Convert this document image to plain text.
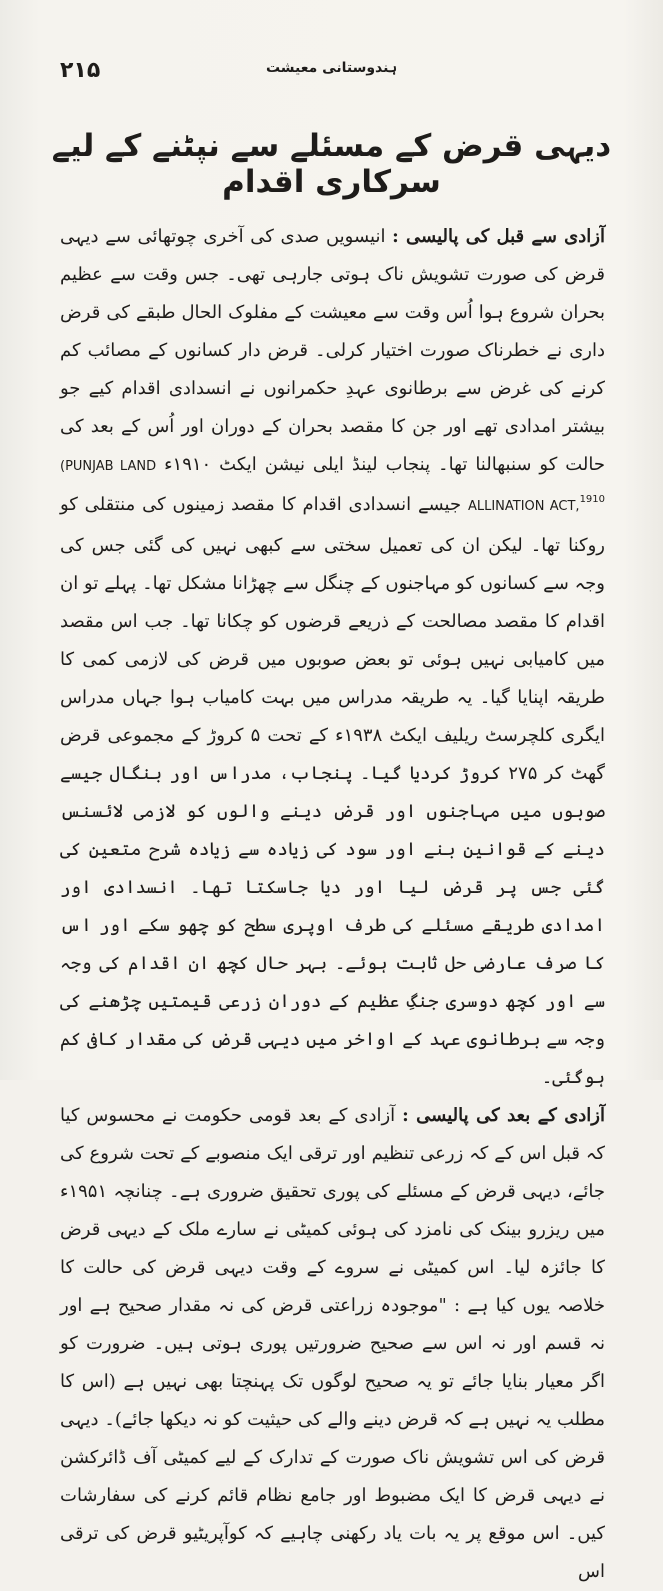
۲۱۵	ہندوستانی معیشت
دیہی قرض کے مسئلے سے نپٹنے کے لیے سرکاری اقدام

آزادی سے قبل کی پالیسی : انیسویں صدی کی آخری چوتھائی سے دیہی قرض کی صورت تشویش ناک ہوتی جارہی تھی۔ جس وقت سے عظیم بحران شروع ہوا اُس وقت سے معیشت کے مفلوک الحال طبقے کی قرض داری نے خطرناک صورت اختیار کرلی۔ قرض دار کسانوں کے مصائب کم کرنے کی غرض سے برطانوی عہدِ حکمرانوں نے انسدادی اقدام کیے جو بیشتر امدادی تھے اور جن کا مقصد بحران کے دوران اور اُس کے بعد کی حالت کو سنبھالنا تھا۔ پنجاب لینڈ ایلی نیشن ایکٹ ۱۹۱۰ء (PUNJAB LAND ALLINATION ACT,$^{1910}$ جیسے انسدادی اقدام کا مقصد زمینوں کی منتقلی کو روکنا تھا۔ لیکن ان کی تعمیل سختی سے کبھی نہیں کی گئی جس کی وجہ سے کسانوں کو مہاجنوں کے چنگل سے چھڑانا مشکل تھا۔ پہلے تو ان اقدام کا مقصد مصالحت کے ذریعے قرضوں کو چکانا تھا۔ جب اس مقصد میں کامیابی نہیں ہوئی تو بعض صوبوں میں قرض کی لازمی کمی کا طریقہ اپنایا گیا۔ یہ طریقہ مدراس میں بہت کامیاب ہوا جہاں مدراس ایگری کلچرسٹ ریلیف ایکٹ ۱۹۳۸ء کے تحت ۵ کروڑ کے مجموعی قرض گھٹ کر ۲۷۵ کروڑ کردیا گیا۔ پنجاب، مدراس اور بنگال جیسے صوبوں میں مہاجنوں اور قرض دینے والوں کو لازمی لائسنس دینے کے قوانین بنے اور سود کی زیادہ سے زیادہ شرح متعین کی گئی جس پر قرض لیا اور دیا جاسکتا تھا۔ انسدادی اور امدادی طریقے مسئلے کی طرف اوپری سطح کو چھو سکے اور اس کا صرف عارضی حل ثابت ہوئے۔ بہر حال کچھ ان اقدام کی وجہ سے اور کچھ دوسری جنگِ عظیم کے دوران زرعی قیمتیں چڑھنے کی وجہ سے برطانوی عہد کے اواخر میں دیہی قرض کی مقدار کافی کم ہوگئی۔

آزادی کے بعد کی پالیسی : آزادی کے بعد قومی حکومت نے محسوس کیا کہ قبل اس کے کہ زرعی تنظیم اور ترقی ایک منصوبے کے تحت شروع کی جائے، دیہی قرض کے مسئلے کی پوری تحقیق ضروری ہے۔ چنانچہ ۱۹۵۱ء میں ریزرو بینک کی نامزد کی ہوئی کمیٹی نے سارے ملک کے دیہی قرض کا جائزہ لیا۔ اس کمیٹی نے سروے کے وقت دیہی قرض کی حالت کا خلاصہ یوں کیا ہے : "موجودہ زراعتی قرض کی نہ مقدار صحیح ہے اور نہ قسم اور نہ اس سے صحیح ضرورتیں پوری ہوتی ہیں۔ ضرورت کو اگر معیار بنایا جائے تو یہ صحیح لوگوں تک پہنچتا بھی نہیں ہے (اس کا مطلب یہ نہیں ہے کہ قرض دینے والے کی حیثیت کو نہ دیکھا جائے)۔ دیہی قرض کی اس تشویش ناک صورت کے تدارک کے لیے کمیٹی آف ڈائرکشن نے دیہی قرض کا ایک مضبوط اور جامع نظام قائم کرنے کی سفارشات کیں۔ اس موقع پر یہ بات یاد رکھنی چاہیے کہ کوآپریٹیو قرض کی ترقی اس
